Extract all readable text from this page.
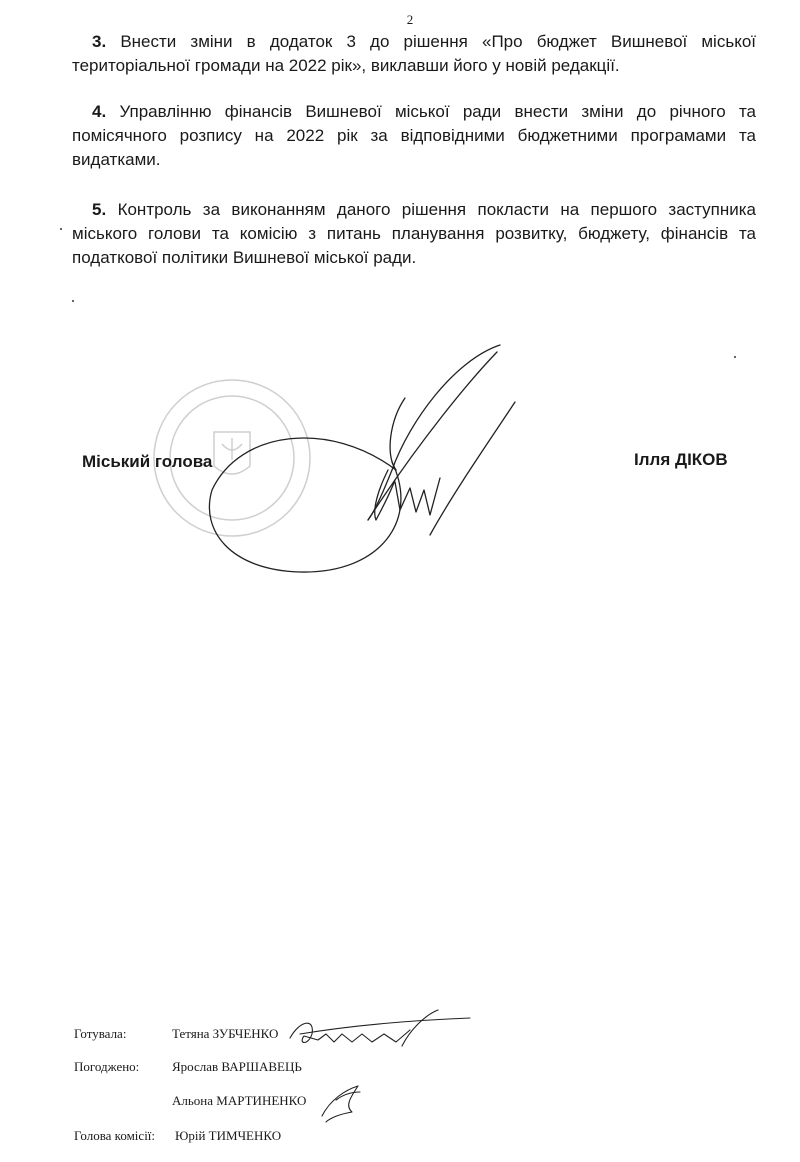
2

3. Внести зміни в додаток 3 до рішення «Про бюджет Вишневої міської територіальної громади на 2022 рік», виклавши його у новій редакції.

4. Управлінню фінансів Вишневої міської ради внести зміни до річного та помісячного розпису на 2022 рік за відповідними бюджетними програмами та видатками.

5. Контроль за виконанням даного рішення покласти на першого заступника міського голови та комісію з питань планування розвитку, бюджету, фінансів та податкової політики Вишневої міської ради.

Міський голова	Ілля ДІКОВ
Готувала:	Тетяна ЗУБЧЕНКО
Погоджено:	Ярослав ВАРШАВЕЦЬ
Альона МАРТИНЕНКО
Голова комісії: Юрій ТИМЧЕНКО
